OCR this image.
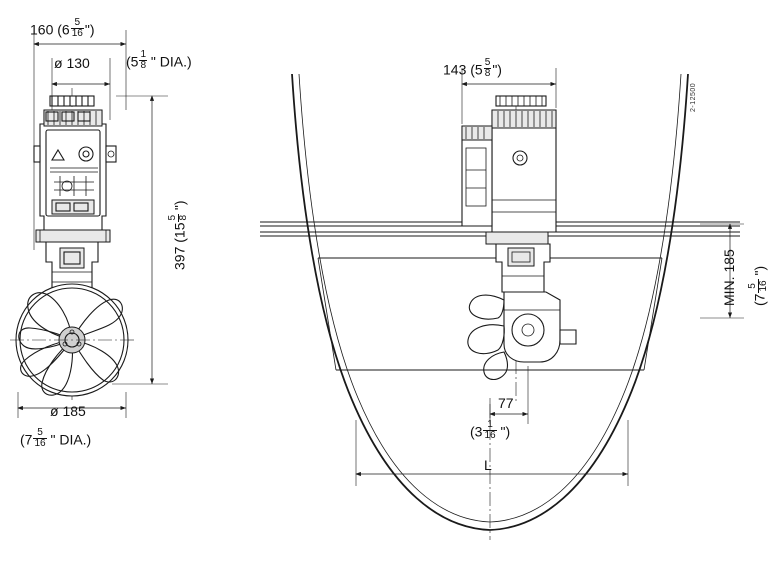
160 ($6 \frac{5}{16}$ ")
ø 130	($5 \frac{1}{8}$  " DIA.)
397 (15
5 8
 ")
ø 185
($7 \frac{5}{16}$  " DIA.)
143 ($5 \frac{5}{8}$ ")
MIN. 185 (7
5 16
 ")
77
($3 \frac{1}{16}$  ")
L
2-12500
